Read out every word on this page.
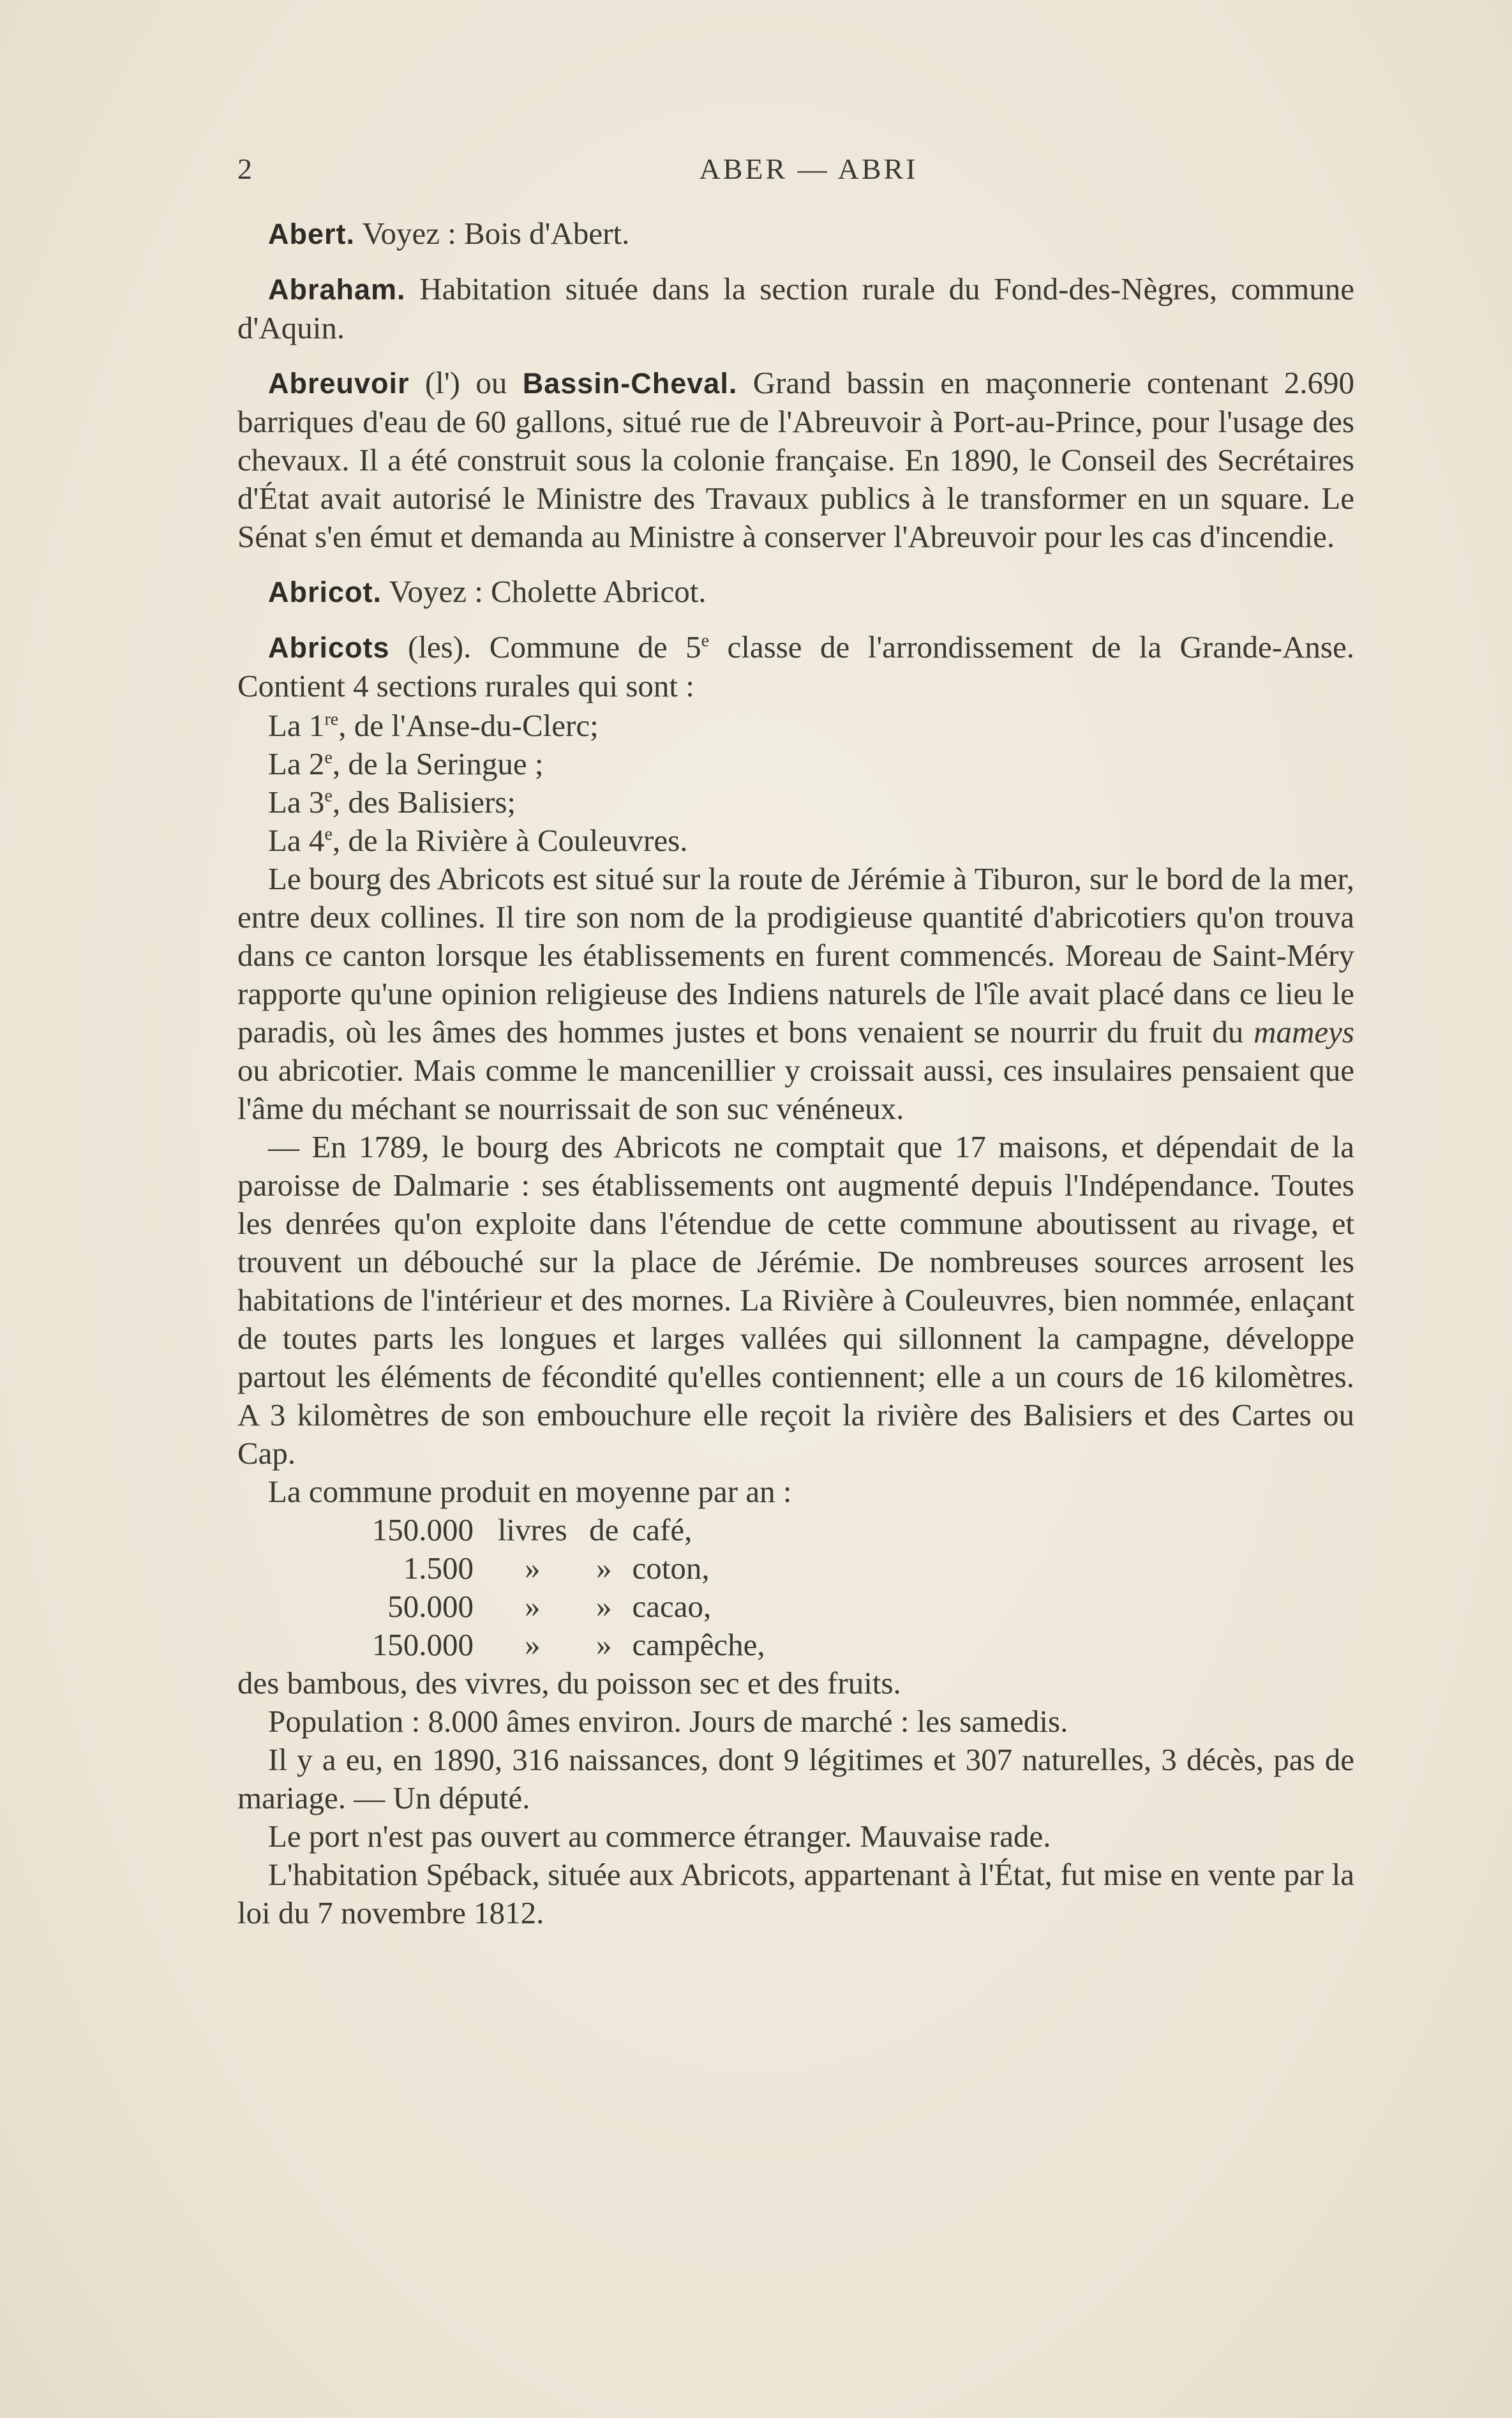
2	ABER — ABRI

Abert. Voyez : Bois d'Abert.

Abraham. Habitation située dans la section rurale du Fond-des-Nègres, commune d'Aquin.

Abreuvoir (l') ou Bassin-Cheval. Grand bassin en maçonnerie contenant 2.690 barriques d'eau de 60 gallons, situé rue de l'Abreuvoir à Port-au-Prince, pour l'usage des chevaux. Il a été construit sous la colonie française. En 1890, le Conseil des Secrétaires d'État avait autorisé le Ministre des Travaux publics à le transformer en un square. Le Sénat s'en émut et demanda au Ministre à conserver l'Abreuvoir pour les cas d'incendie.

Abricot. Voyez : Cholette Abricot.

Abricots (les). Commune de 5e classe de l'arrondissement de la Grande-Anse. Contient 4 sections rurales qui sont :

La 1re, de l'Anse-du-Clerc;

La 2e, de la Seringue ;

La 3e, des Balisiers;

La 4e, de la Rivière à Couleuvres.

Le bourg des Abricots est situé sur la route de Jérémie à Tiburon, sur le bord de la mer, entre deux collines. Il tire son nom de la prodigieuse quantité d'abricotiers qu'on trouva dans ce canton lorsque les établissements en furent commencés. Moreau de Saint-Méry rapporte qu'une opinion religieuse des Indiens naturels de l'île avait placé dans ce lieu le paradis, où les âmes des hommes justes et bons venaient se nourrir du fruit du mameys ou abricotier. Mais comme le mancenillier y croissait aussi, ces insulaires pensaient que l'âme du méchant se nourrissait de son suc vénéneux.

— En 1789, le bourg des Abricots ne comptait que 17 maisons, et dépendait de la paroisse de Dalmarie : ses établissements ont augmenté depuis l'Indépendance. Toutes les denrées qu'on exploite dans l'étendue de cette commune aboutissent au rivage, et trouvent un débouché sur la place de Jérémie. De nombreuses sources arrosent les habitations de l'intérieur et des mornes. La Rivière à Couleuvres, bien nommée, enlaçant de toutes parts les longues et larges vallées qui sillonnent la campagne, développe partout les éléments de fécondité qu'elles contiennent; elle a un cours de 16 kilomètres. A 3 kilomètres de son embouchure elle reçoit la rivière des Balisiers et des Cartes ou Cap.

La commune produit en moyenne par an :

150.000 livres de café,

1.500 » » coton,

50.000 » » cacao,

150.000 » » campêche,

des bambous, des vivres, du poisson sec et des fruits.

Population : 8.000 âmes environ. Jours de marché : les samedis.

Il y a eu, en 1890, 316 naissances, dont 9 légitimes et 307 naturelles, 3 décès, pas de mariage. — Un député.

Le port n'est pas ouvert au commerce étranger. Mauvaise rade.

L'habitation Spéback, située aux Abricots, appartenant à l'État, fut mise en vente par la loi du 7 novembre 1812.
